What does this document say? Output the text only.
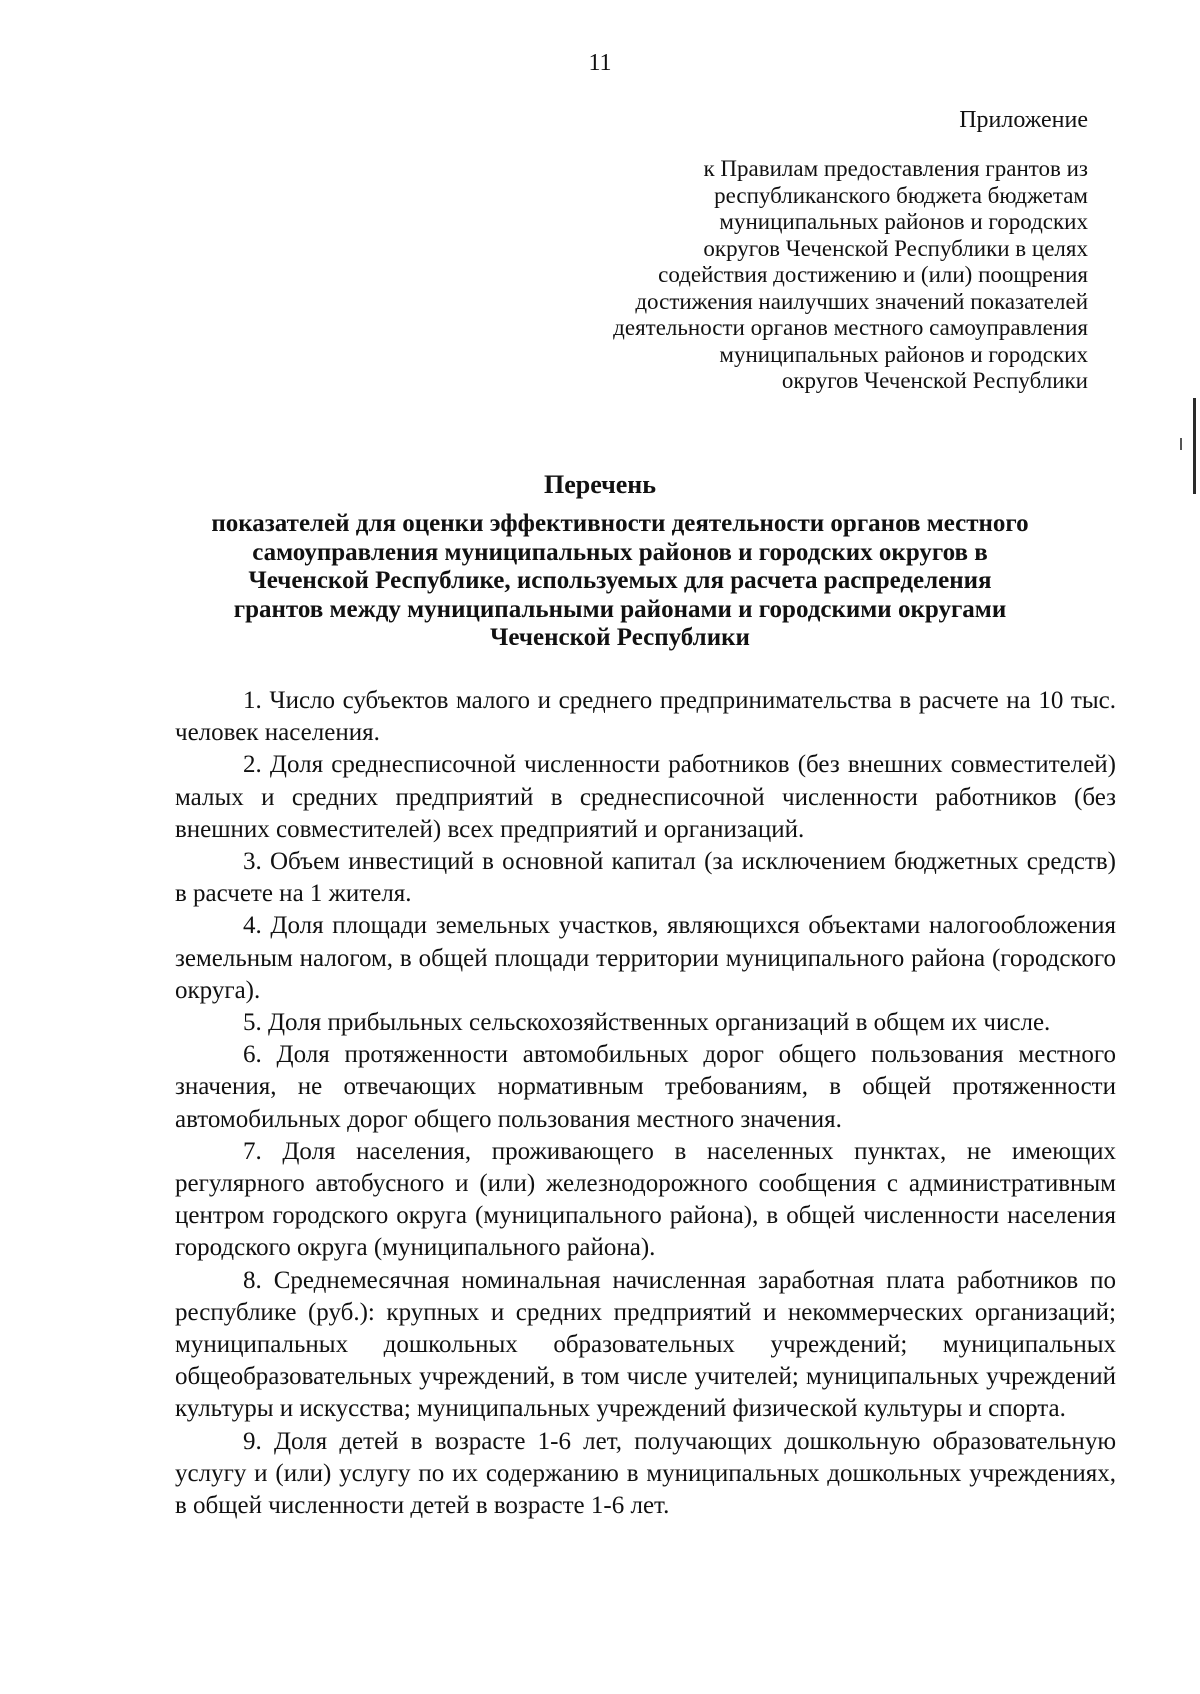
11
Приложение
к Правилам предоставления грантов из
республиканского бюджета бюджетам
муниципальных районов и городских
округов Чеченской Республики в целях
содействия достижению и (или) поощрения
достижения наилучших значений показателей
деятельности органов местного самоуправления
муниципальных районов и городских
округов Чеченской Республики
Перечень
показателей для оценки эффективности деятельности органов местного
самоуправления муниципальных районов и городских округов в
Чеченской Республике, используемых для расчета распределения
грантов между муниципальными районами и городскими округами
Чеченской Республики

1. Число субъектов малого и среднего предпринимательства в расчете на 10 тыс. человек населения.

2. Доля среднесписочной численности работников (без внешних совместителей) малых и средних предприятий в среднесписочной численности работников (без внешних совместителей) всех предприятий и организаций.

3. Объем инвестиций в основной капитал (за исключением бюджетных средств) в расчете на 1 жителя.

4. Доля площади земельных участков, являющихся объектами налогообложения земельным налогом, в общей площади территории муниципального района (городского округа).

5. Доля прибыльных сельскохозяйственных организаций в общем их числе.

6. Доля протяженности автомобильных дорог общего пользования местного значения, не отвечающих нормативным требованиям, в общей протяженности автомобильных дорог общего пользования местного значения.

7. Доля населения, проживающего в населенных пунктах, не имеющих регулярного автобусного и (или) железнодорожного сообщения с административным центром городского округа (муниципального района), в общей численности населения городского округа (муниципального района).

8. Среднемесячная номинальная начисленная заработная плата работников по республике (руб.): крупных и средних предприятий и некоммерческих организаций; муниципальных дошкольных образовательных учреждений; муниципальных общеобразовательных учреждений, в том числе учителей; муниципальных учреждений культуры и искусства; муниципальных учреждений физической культуры и спорта.

9. Доля детей в возрасте 1-6 лет, получающих дошкольную образовательную услугу и (или) услугу по их содержанию в муниципальных дошкольных учреждениях, в общей численности детей в возрасте 1-6 лет.
